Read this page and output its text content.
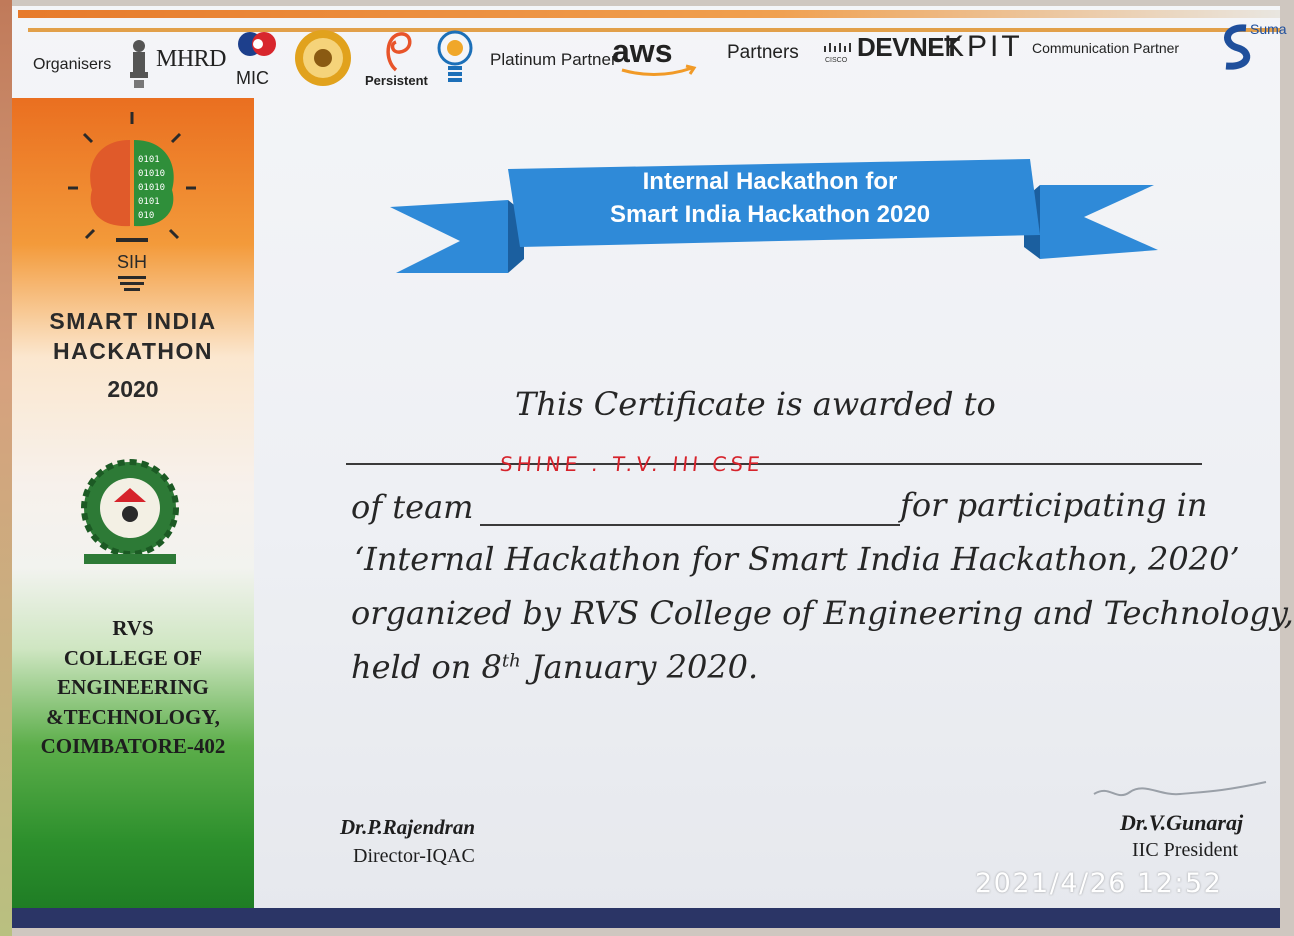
Organisers MHRD
MIC	Persistent
Platinum Partner
aws	Partners	CISCO DEVNET
KPIT Communication Partner
Suma
0101
01010
01010
0101
010
SIH
SMART INDIA
HACKATHON
2020
RVS
COLLEGE OF
ENGINEERING
&TECHNOLOGY,
COIMBATORE-402
Internal Hackathon for
Smart India Hackathon 2020
This Certificate is awarded to
SHINE . T.V. III CSE
of team	for participating in
‘Internal Hackathon for Smart India Hackathon, 2020’
organized by RVS College of Engineering and Technology,
held on 8th January 2020.
Dr.P.Rajendran
Director-IQAC
Dr.V.Gunaraj
IIC President
2021/4/26 12:52
